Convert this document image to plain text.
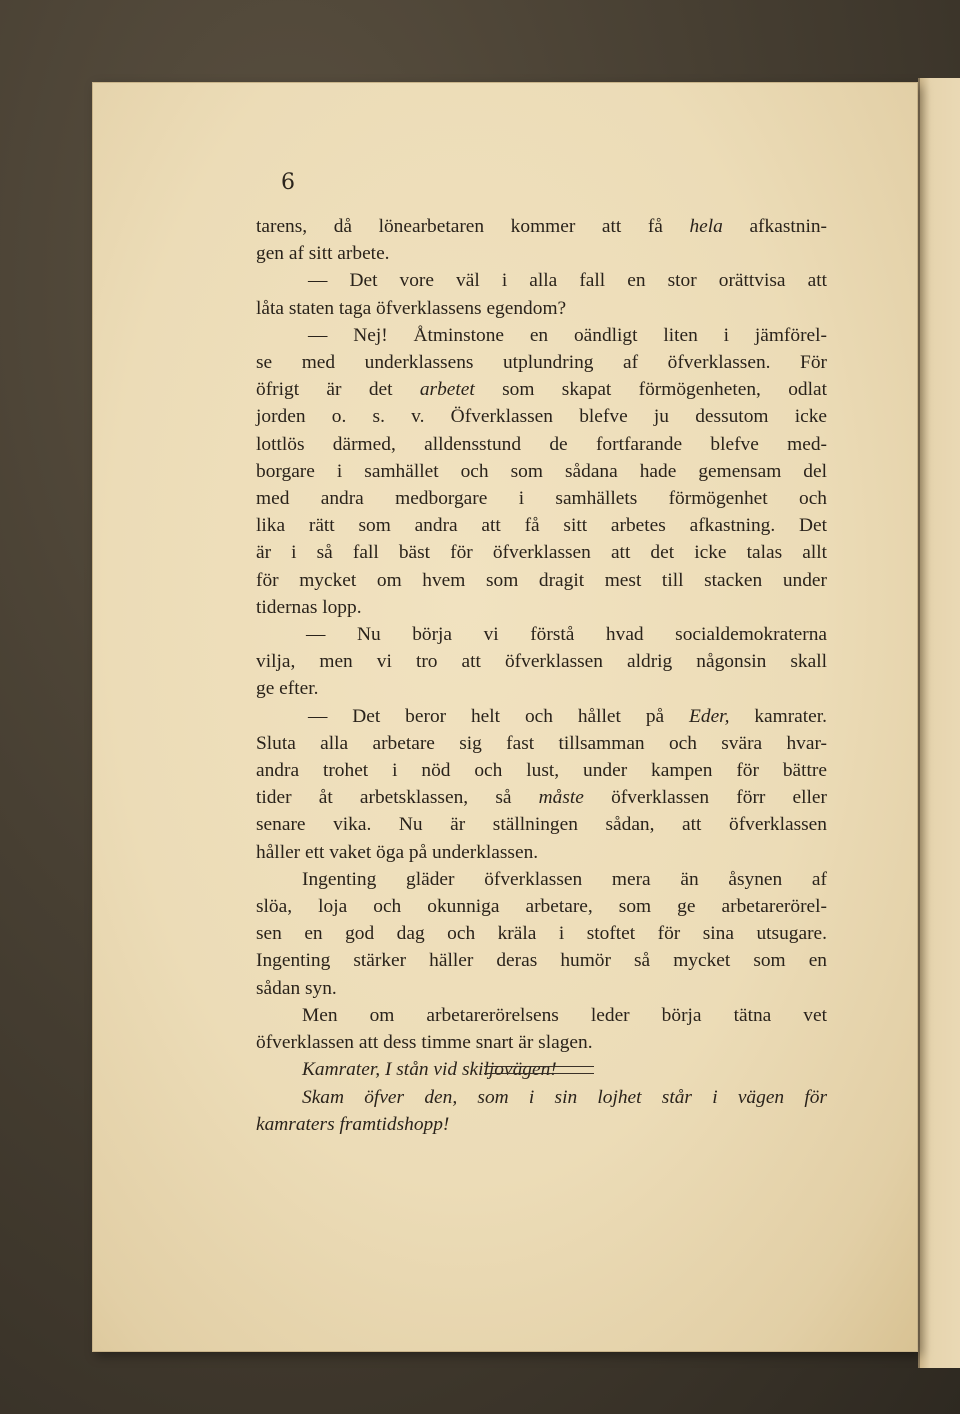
6
tarens, då lönearbetaren kommer att få hela afkastnin-
gen af sitt arbete.
— Det vore väl i alla fall en stor orättvisa att
låta staten taga öfverklassens egendom?
— Nej! Åtminstone en oändligt liten i jämförel-
se med underklassens utplundring af öfverklassen. För
öfrigt är det arbetet som skapat förmögenheten, odlat
jorden o. s. v. Öfverklassen blefve ju dessutom icke
lottlös därmed, alldensstund de fortfarande blefve med-
borgare i samhället och som sådana hade gemensam del
med andra medborgare i samhällets förmögenhet och
lika rätt som andra att få sitt arbetes afkastning. Det
är i så fall bäst för öfverklassen att det icke talas allt
för mycket om hvem som dragit mest till stacken under
tidernas lopp.
— Nu börja vi förstå hvad socialdemokraterna
vilja, men vi tro att öfverklassen aldrig någonsin skall
ge efter.
— Det beror helt och hållet på Eder, kamrater.
Sluta alla arbetare sig fast tillsamman och svära hvar-
andra trohet i nöd och lust, under kampen för bättre
tider åt arbetsklassen, så måste öfverklassen förr eller
senare vika. Nu är ställningen sådan, att öfverklassen
håller ett vaket öga på underklassen.
Ingenting gläder öfverklassen mera än åsynen af
slöa, loja och okunniga arbetare, som ge arbetarerörel-
sen en god dag och kräla i stoftet för sina utsugare.
Ingenting stärker häller deras humör så mycket som en
sådan syn.
Men om arbetarerörelsens leder börja tätna vet
öfverklassen att dess timme snart är slagen.
Kamrater, I stån vid skiljovägen!
Skam öfver den, som i sin lojhet står i vägen för
kamraters framtidshopp!
